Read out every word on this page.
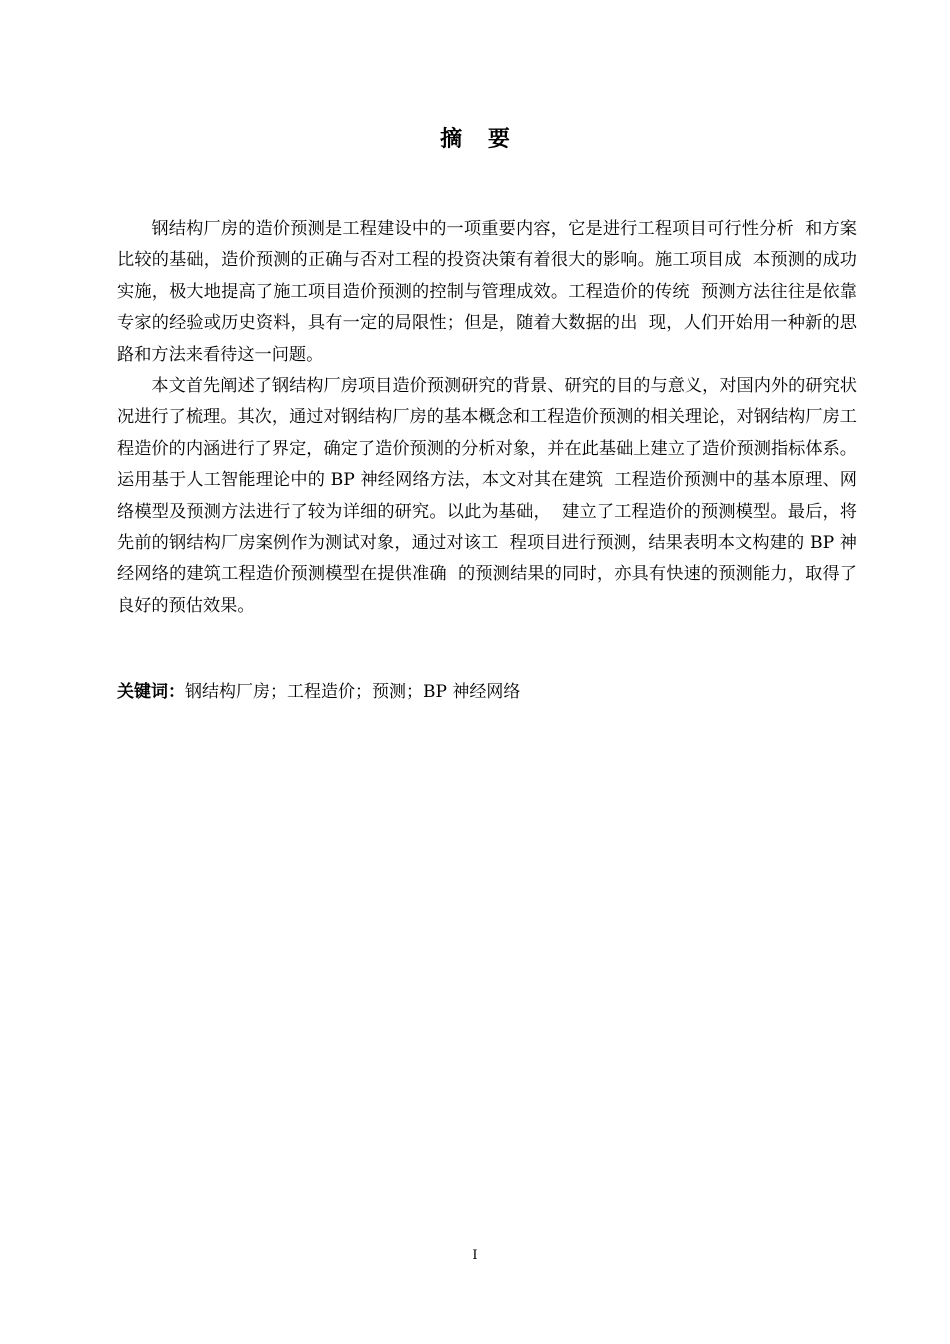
摘 要

钢结构厂房的造价预测是工程建设中的一项重要内容，它是进行工程项目可行性分析  和方案比较的基础，造价预测的正确与否对工程的投资决策有着很大的影响。施工项目成  本预测的成功实施，极大地提高了施工项目造价预测的控制与管理成效。工程造价的传统  预测方法往往是依靠专家的经验或历史资料，具有一定的局限性；但是，随着大数据的出  现，人们开始用一种新的思路和方法来看待这一问题。

本文首先阐述了钢结构厂房项目造价预测研究的背景、研究的目的与意义，对国内外的研究状况进行了梳理。其次，通过对钢结构厂房的基本概念和工程造价预测的相关理论，对钢结构厂房工程造价的内涵进行了界定，确定了造价预测的分析对象，并在此基础上建立了造价预测指标体系。运用基于人工智能理论中的 BP 神经网络方法，本文对其在建筑  工程造价预测中的基本原理、网络模型及预测方法进行了较为详细的研究。以此为基础，  建立了工程造价的预测模型。最后，将先前的钢结构厂房案例作为测试对象，通过对该工  程项目进行预测，结果表明本文构建的 BP 神经网络的建筑工程造价预测模型在提供准确  的预测结果的同时，亦具有快速的预测能力，取得了良好的预估效果。

关键词：钢结构厂房；工程造价；预测；BP 神经网络
I
